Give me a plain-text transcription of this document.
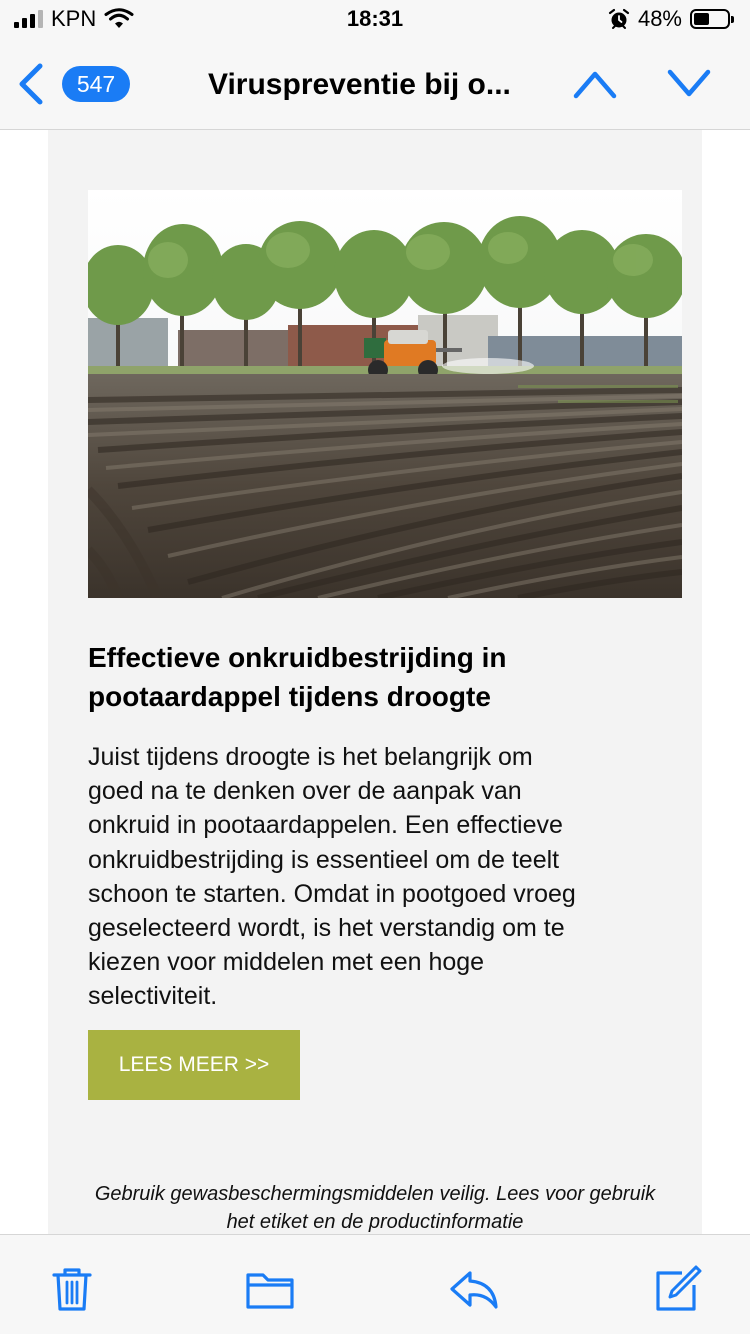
KPN	18:31	48%
547	Viruspreventie bij o...
Effectieve onkruidbestrijding in pootaardappel tijdens droogte

Juist tijdens droogte is het belangrijk om
goed na te denken over de aanpak van
onkruid in pootaardappelen. Een effectieve
onkruidbestrijding is essentieel om de teelt
schoon te starten. Omdat in pootgoed vroeg
geselecteerd wordt, is het verstandig om te
kiezen voor middelen met een hoge
selectiviteit.

LEES MEER >>

Gebruik gewasbeschermingsmiddelen veilig. Lees voor gebruik het etiket en de productinformatie
